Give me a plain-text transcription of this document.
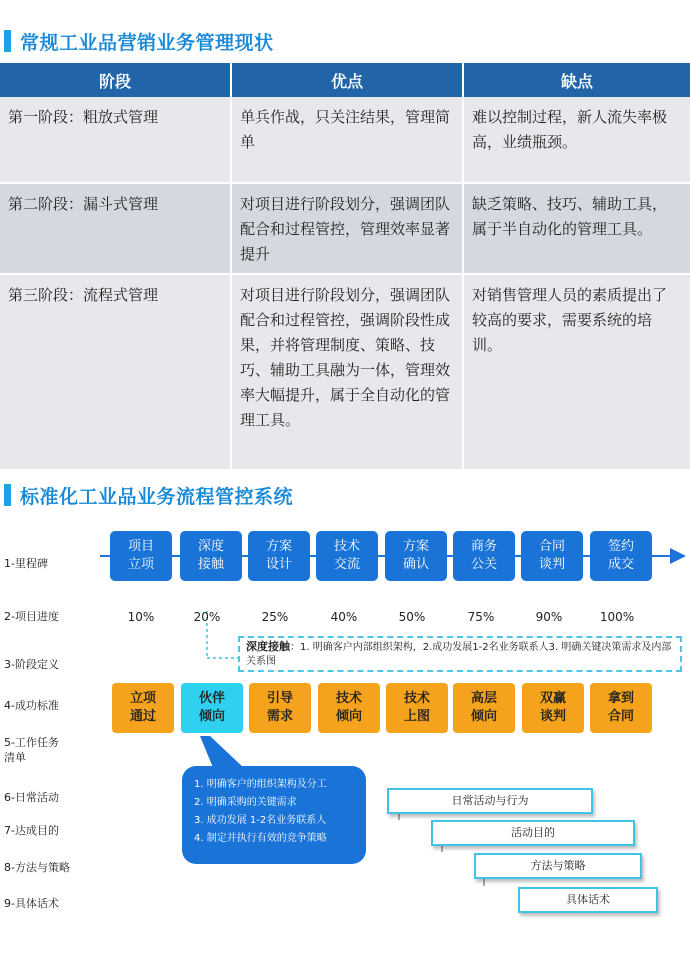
常规工业品营销业务管理现状
阶段	优点	缺点
第一阶段：粗放式管理	单兵作战，只关注结果，管理简单	难以控制过程，新人流失率极高，业绩瓶颈。
第二阶段：漏斗式管理	对项目进行阶段划分，强调团队配合和过程管控，管理效率显著提升	缺乏策略、技巧、辅助工具，属于半自动化的管理工具。
第三阶段：流程式管理	对项目进行阶段划分，强调团队配合和过程管控，强调阶段性成果，并将管理制度、策略、技巧、辅助工具融为一体，管理效率大幅提升，属于全自动化的管理工具。	对销售管理人员的素质提出了较高的要求，需要系统的培训。
标准化工业品业务流程管控系统
1-里程碑
2-项目进度
3-阶段定义
4-成功标准
5-工作任务
清单
6-日常活动
7-达成目的
8-方法与策略
9-具体话术
项目
立项
深度
接触
方案
设计
技术
交流
方案
确认
商务
公关
合同
谈判
签约
成交
10%	20%	25%	40%	50%	75%	90%	100%
深度接触：1. 明确客户内部组织架构，2.成功发展1-2名业务联系人3. 明确关键决策需求及内部关系图
立项
通过
伙伴
倾向
引导
需求
技术
倾向
技术
上图
高层
倾向
双赢
谈判
拿到
合同
1. 明确客户的组织架构及分工
2. 明确采购的关键需求
3. 成功发展 1-2名业务联系人
4. 制定并执行有效的竞争策略
日常活动与行为
活动目的
方法与策略
具体话术
